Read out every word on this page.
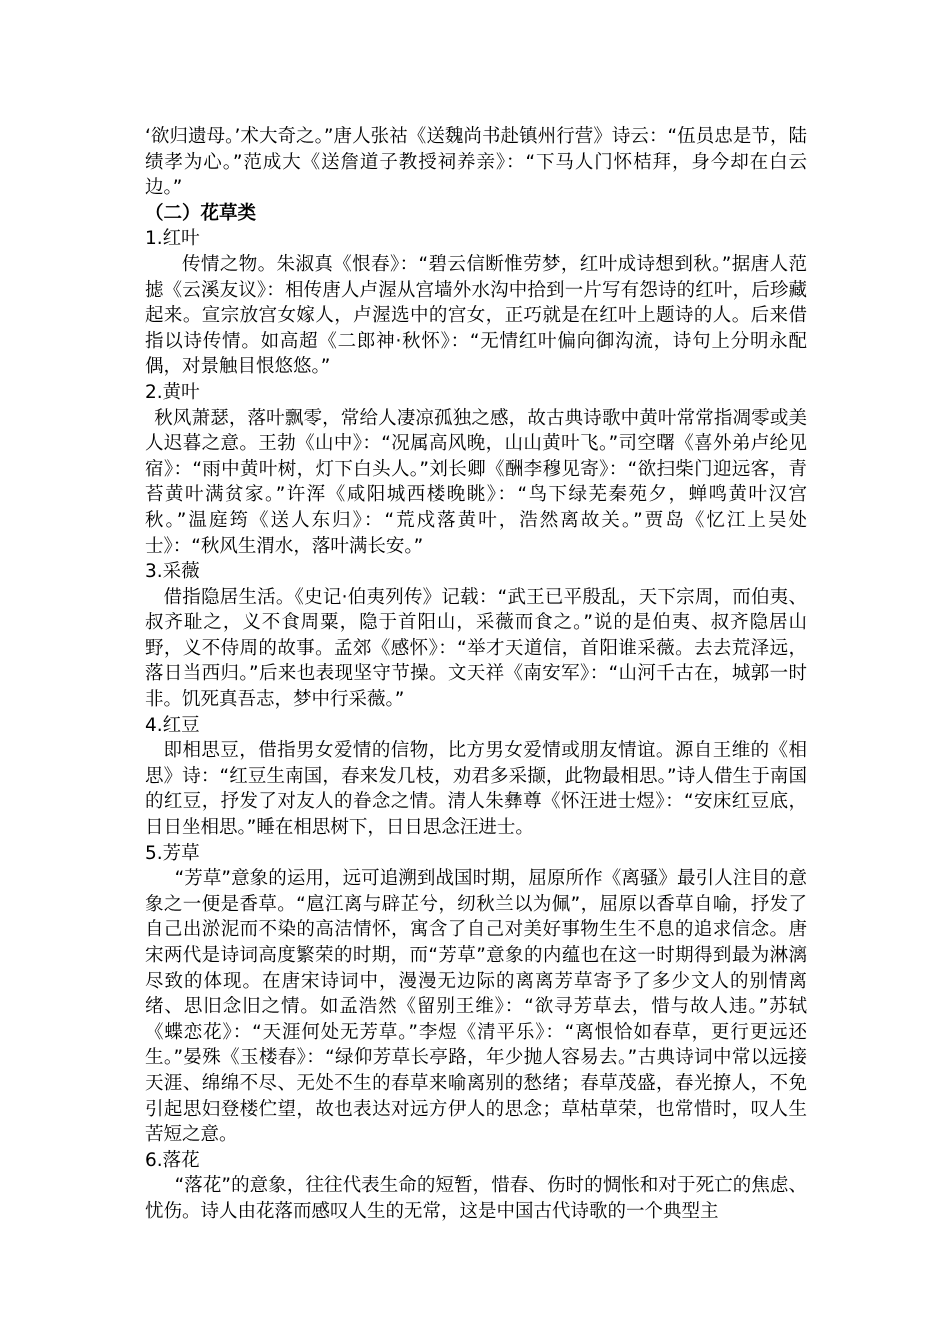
‘欲归遗母。’术大奇之。”唐人张祜《送魏尚书赴镇州行营》诗云：“伍员忠是节，陆绩孝为心。”范成大《送詹道子教授祠养亲》：“下马人门怀桔拜，身今却在白云边。”

（二）花草类

1.红叶

传情之物。朱淑真《恨春》：“碧云信断惟劳梦，红叶成诗想到秋。”据唐人范摅《云溪友议》：相传唐人卢渥从宫墙外水沟中拾到一片写有怨诗的红叶，后珍藏起来。宣宗放宫女嫁人，卢渥选中的宫女，正巧就是在红叶上题诗的人。后来借指以诗传情。如高超《二郎神·秋怀》：“无情红叶偏向御沟流，诗句上分明永配偶，对景触目恨悠悠。”

2.黄叶

秋风萧瑟，落叶飘零，常给人凄凉孤独之感，故古典诗歌中黄叶常常指凋零或美人迟暮之意。王勃《山中》：“况属高风晚，山山黄叶飞。”司空曙《喜外弟卢纶见宿》：“雨中黄叶树，灯下白头人。”刘长卿《酬李穆见寄》：“欲扫柴门迎远客，青苔黄叶满贫家。”许浑《咸阳城西楼晚眺》：“鸟下绿芜秦苑夕，蝉鸣黄叶汉宫秋。”温庭筠《送人东归》：“荒戍落黄叶，浩然离故关。”贾岛《忆江上吴处士》：“秋风生渭水，落叶满长安。”

3.采薇

借指隐居生活。《史记·伯夷列传》记载：“武王已平殷乱，天下宗周，而伯夷、叔齐耻之，义不食周粟，隐于首阳山，采薇而食之。”说的是伯夷、叔齐隐居山野，义不侍周的故事。孟郊《感怀》：“举才天道信，首阳谁采薇。去去荒泽远，落日当西归。”后来也表现坚守节操。文天祥《南安军》：“山河千古在，城郭一时非。饥死真吾志，梦中行采薇。”

4.红豆

即相思豆，借指男女爱情的信物，比方男女爱情或朋友情谊。源自王维的《相思》诗：“红豆生南国，春来发几枝，劝君多采撷，此物最相思。”诗人借生于南国的红豆，抒发了对友人的眷念之情。清人朱彝尊《怀汪进士煜》：“安床红豆底，日日坐相思。”睡在相思树下，日日思念汪进士。

5.芳草

“芳草”意象的运用，远可追溯到战国时期，屈原所作《离骚》最引人注目的意象之一便是香草。“扈江离与辟芷兮，纫秋兰以为佩”，屈原以香草自喻，抒发了自己出淤泥而不染的高洁情怀，寓含了自己对美好事物生生不息的追求信念。唐宋两代是诗词高度繁荣的时期，而“芳草”意象的内蕴也在这一时期得到最为淋漓尽致的体现。在唐宋诗词中，漫漫无边际的离离芳草寄予了多少文人的别情离绪、思旧念旧之情。如孟浩然《留别王维》：“欲寻芳草去，惜与故人违。”苏轼《蝶恋花》：“天涯何处无芳草。”李煜《清平乐》：“离恨恰如春草，更行更远还生。”晏殊《玉楼春》：“绿仰芳草长亭路，年少抛人容易去。”古典诗词中常以远接天涯、绵绵不尽、无处不生的春草来喻离别的愁绪；春草茂盛，春光撩人，不免引起思妇登楼伫望，故也表达对远方伊人的思念；草枯草荣，也常惜时，叹人生苦短之意。

6.落花

“落花”的意象，往往代表生命的短暂，惜春、伤时的惆怅和对于死亡的焦虑、忧伤。诗人由花落而感叹人生的无常，这是中国古代诗歌的一个典型主
